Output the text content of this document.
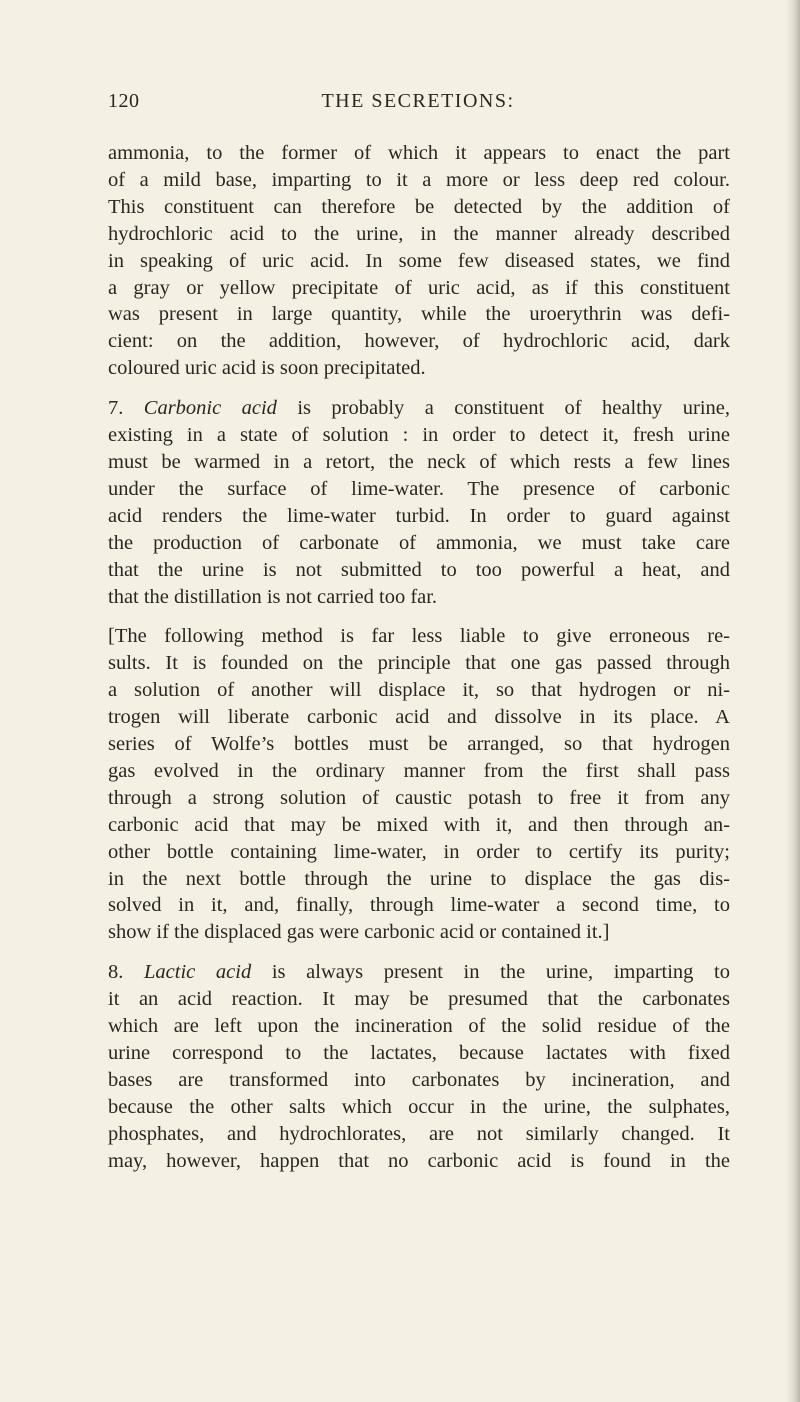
120	THE SECRETIONS:

ammonia, to the former of which it appears to enact the part
of a mild base, imparting to it a more or less deep red colour.
This constituent can therefore be detected by the addition of
hydrochloric acid to the urine, in the manner already described
in speaking of uric acid. In some few diseased states, we find
a gray or yellow precipitate of uric acid, as if this constituent
was present in large quantity, while the uroerythrin was defi-
cient: on the addition, however, of hydrochloric acid, dark
coloured uric acid is soon precipitated.

7. Carbonic acid is probably a constituent of healthy urine,
existing in a state of solution : in order to detect it, fresh urine
must be warmed in a retort, the neck of which rests a few lines
under the surface of lime-water. The presence of carbonic
acid renders the lime-water turbid. In order to guard against
the production of carbonate of ammonia, we must take care
that the urine is not submitted to too powerful a heat, and
that the distillation is not carried too far.

[The following method is far less liable to give erroneous re-
sults. It is founded on the principle that one gas passed through
a solution of another will displace it, so that hydrogen or ni-
trogen will liberate carbonic acid and dissolve in its place. A
series of Wolfe’s bottles must be arranged, so that hydrogen
gas evolved in the ordinary manner from the first shall pass
through a strong solution of caustic potash to free it from any
carbonic acid that may be mixed with it, and then through an-
other bottle containing lime-water, in order to certify its purity;
in the next bottle through the urine to displace the gas dis-
solved in it, and, finally, through lime-water a second time, to
show if the displaced gas were carbonic acid or contained it.]

8. Lactic acid is always present in the urine, imparting to
it an acid reaction. It may be presumed that the carbonates
which are left upon the incineration of the solid residue of the
urine correspond to the lactates, because lactates with fixed
bases are transformed into carbonates by incineration, and
because the other salts which occur in the urine, the sulphates,
phosphates, and hydrochlorates, are not similarly changed. It
may, however, happen that no carbonic acid is found in the
